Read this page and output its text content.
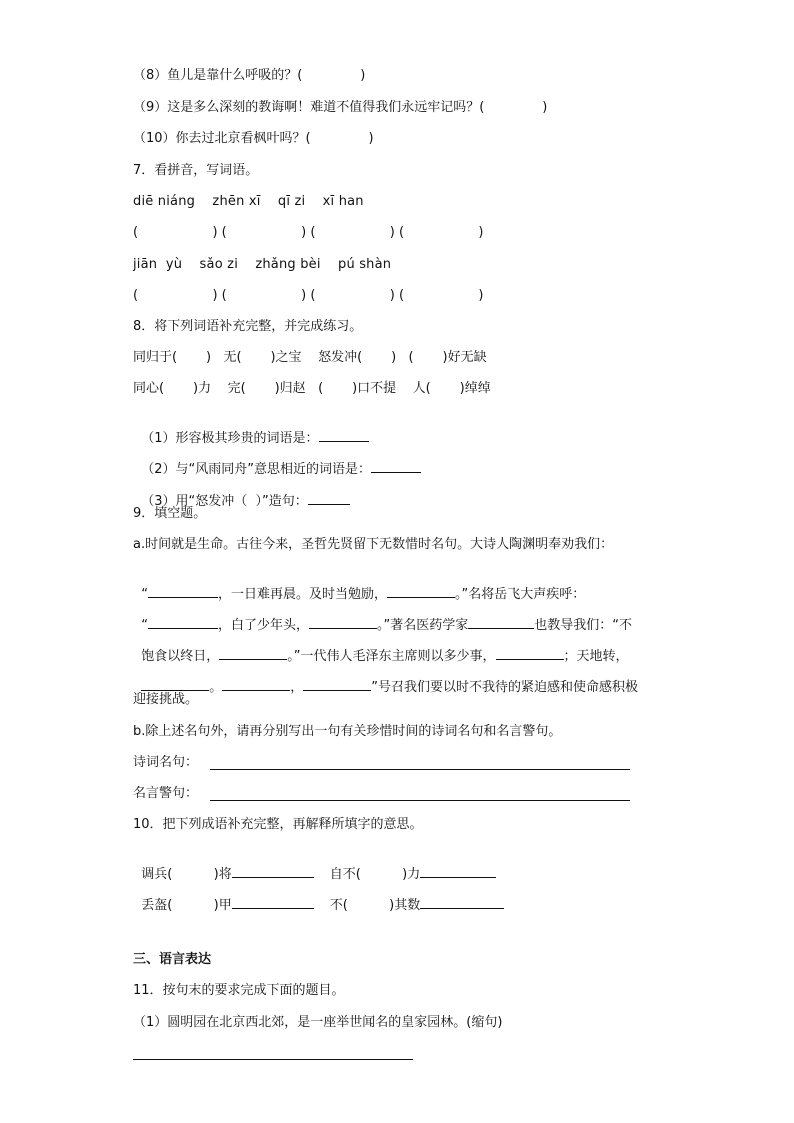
（8）鱼儿是靠什么呼吸的？(              )
（9）这是多么深刻的教诲啊！难道不值得我们永远牢记吗？(              )
（10）你去过北京看枫叶吗？(              )
7．看拼音，写词语。
diē niáng    zhēn xī    qī zi    xī han
(                  ) (                  ) (                  ) (                  )
jiān  yù    sǎo zi    zhǎng bèi    pú shàn
(                  ) (                  ) (                  ) (                  )
8．将下列词语补充完整，并完成练习。
同归于(       )   无(       )之宝    怒发冲(       )   (       )好无缺
同心(       )力    完(       )归赵   (       )口不提    人(       )绰绰

（1）形容极其珍贵的词语是：

（2）与“风雨同舟”意思相近的词语是：

（3）用“怒发冲（  ）”造句：

9．填空题。
a.时间就是生命。古往今来，圣哲先贤留下无数惜时名句。大诗人陶渊明奉劝我们：

“	，一日难再晨。及时当勉励，	。”名将岳飞大声疾呼：

“	，白了少年头，	。”著名医药学家	也教导我们：“不

饱食以终日，	。”一代伟人毛泽东主席则以多少事，	；天地转，

。	，	”号召我们要以时不我待的紧迫感和使命感积极

迎接挑战。
b.除上述名句外，请再分别写出一句有关珍惜时间的诗词名句和名言警句。
诗词名句：
名言警句：
10．把下列成语补充完整，再解释所填字的意思。

调兵(          )将	自不(          )力

丢盔(          )甲	不(          )其数

三、语言表达
11．按句末的要求完成下面的题目。
（1）圆明园在北京西北郊，是一座举世闻名的皇家园林。(缩句)
